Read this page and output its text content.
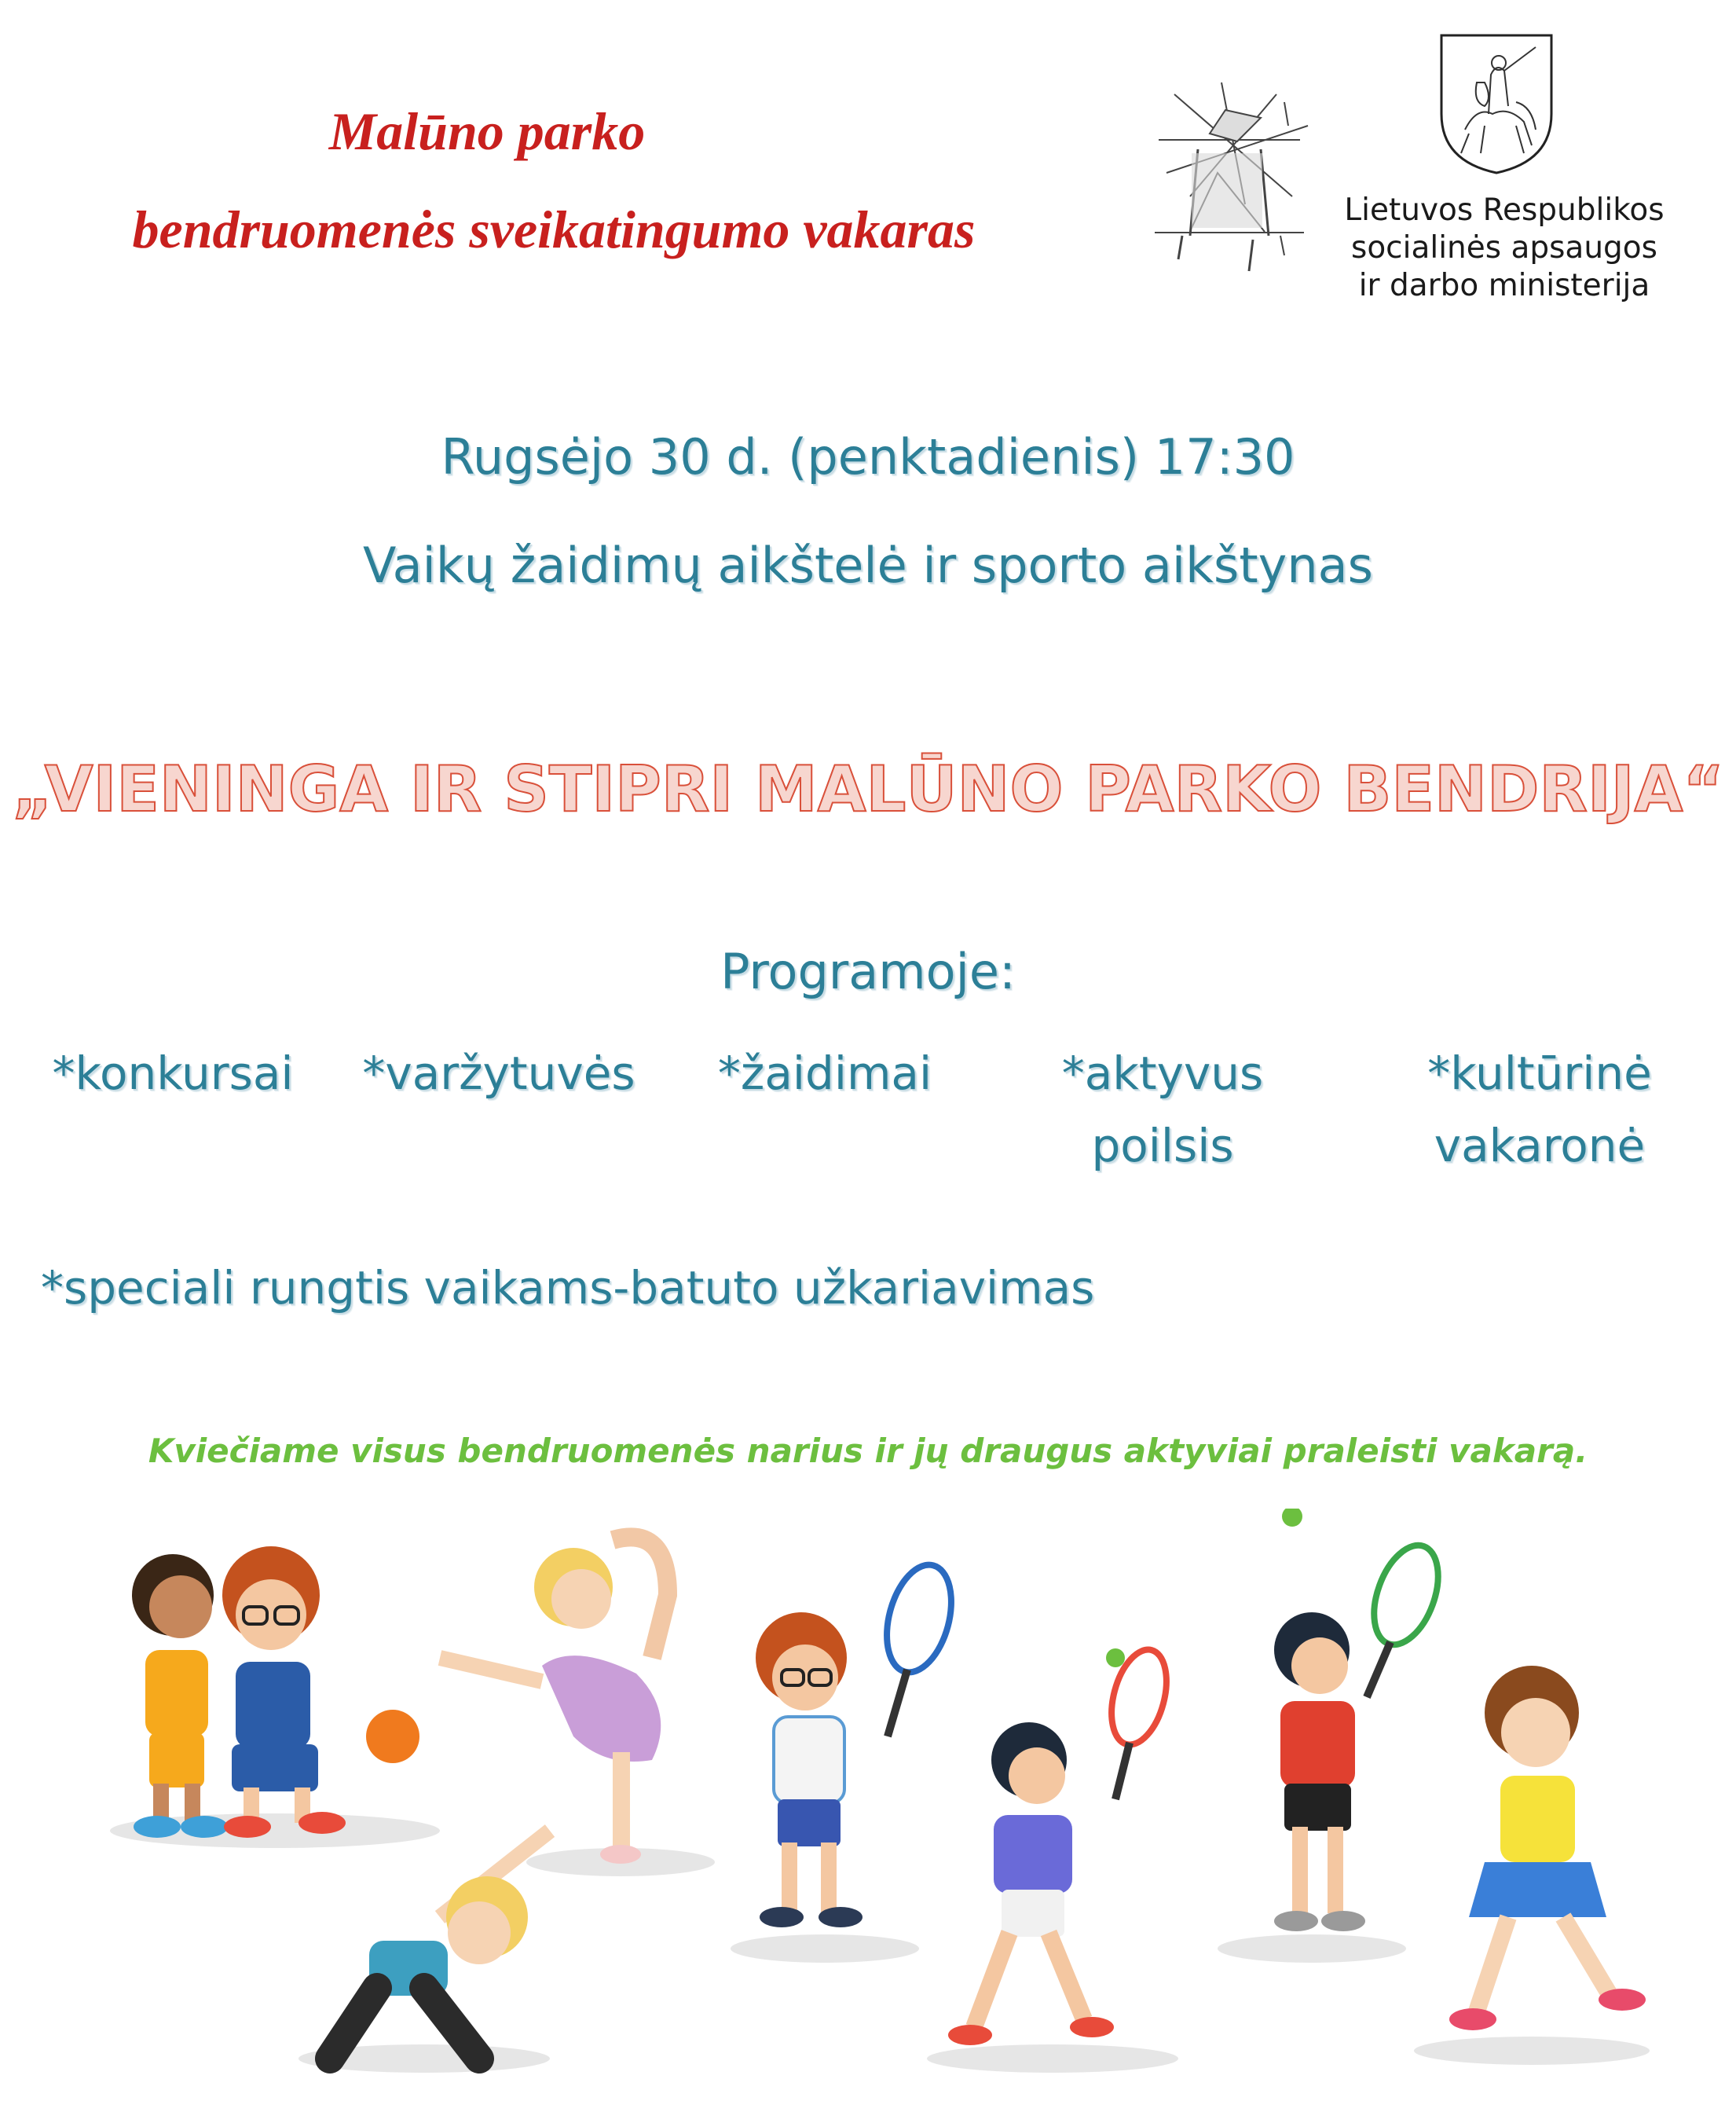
Malūno parko
bendruomenės sveikatingumo vakaras	Lietuvos Respublikos
socialinės apsaugos
ir darbo ministerija
Rugsėjo 30 d. (penktadienis) 17:30
Vaikų žaidimų aikštelė ir sporto aikštynas
„VIENINGA IR STIPRI MALŪNO PARKO BENDRIJA“
Programoje:
*konkursai	*varžytuvės	*žaidimai	*aktyvus
poilsis
*kultūrinė
vakaronė
*speciali rungtis vaikams-batuto užkariavimas
Kviečiame visus bendruomenės narius ir jų draugus aktyviai praleisti vakarą.
